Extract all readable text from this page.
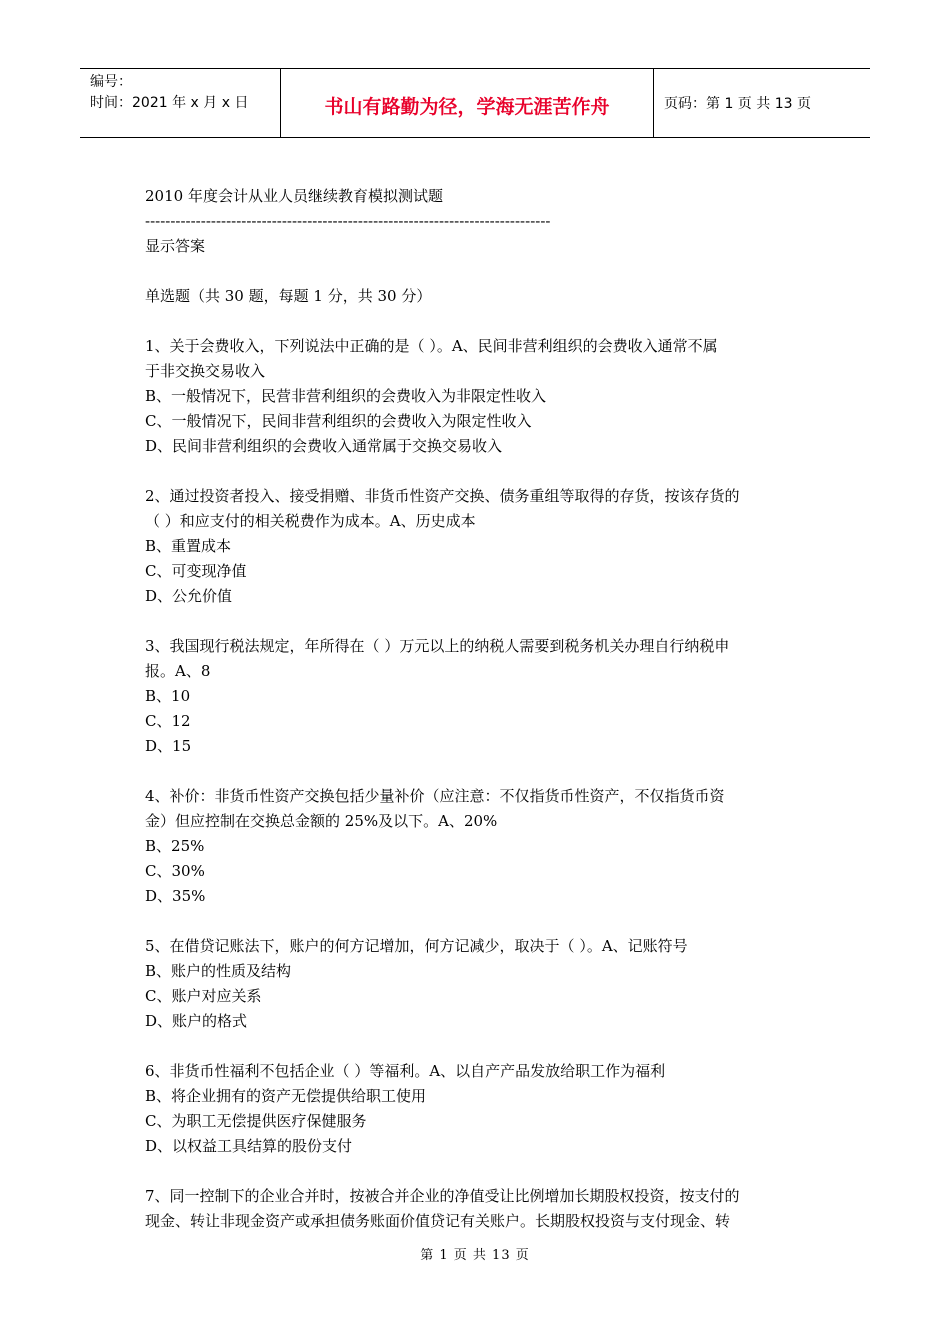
编号：
时间：2021 年 x 月 x 日	书山有路勤为径，学海无涯苦作舟	页码：第 1 页 共 13 页
2010 年度会计从业人员继续教育模拟测试题
--------------------------------------------------------------------------------
显示答案
单选题（共 30 题，每题 1 分，共 30 分）
1、关于会费收入，下列说法中正确的是（ ）。A、民间非营利组织的会费收入通常不属
于非交换交易收入
B、一般情况下，民营非营利组织的会费收入为非限定性收入
C、一般情况下，民间非营利组织的会费收入为限定性收入
D、民间非营利组织的会费收入通常属于交换交易收入
2、通过投资者投入、接受捐赠、非货币性资产交换、债务重组等取得的存货，按该存货的
（ ）和应支付的相关税费作为成本。A、历史成本
B、重置成本
C、可变现净值
D、公允价值
3、我国现行税法规定，年所得在（ ）万元以上的纳税人需要到税务机关办理自行纳税申
报。A、8
B、10
C、12
D、15
4、补价：非货币性资产交换包括少量补价（应注意：不仅指货币性资产，不仅指货币资
金）但应控制在交换总金额的 25%及以下。A、20%
B、25%
C、30%
D、35%
5、在借贷记账法下，账户的何方记增加，何方记减少，取决于（ ）。A、记账符号
B、账户的性质及结构
C、账户对应关系
D、账户的格式
6、非货币性福利不包括企业（ ）等福利。A、以自产产品发放给职工作为福利
B、将企业拥有的资产无偿提供给职工使用
C、为职工无偿提供医疗保健服务
D、以权益工具结算的股份支付
7、同一控制下的企业合并时，按被合并企业的净值受让比例增加长期股权投资，按支付的
现金、转让非现金资产或承担债务账面价值贷记有关账户。长期股权投资与支付现金、转
第 1 页 共 13 页
